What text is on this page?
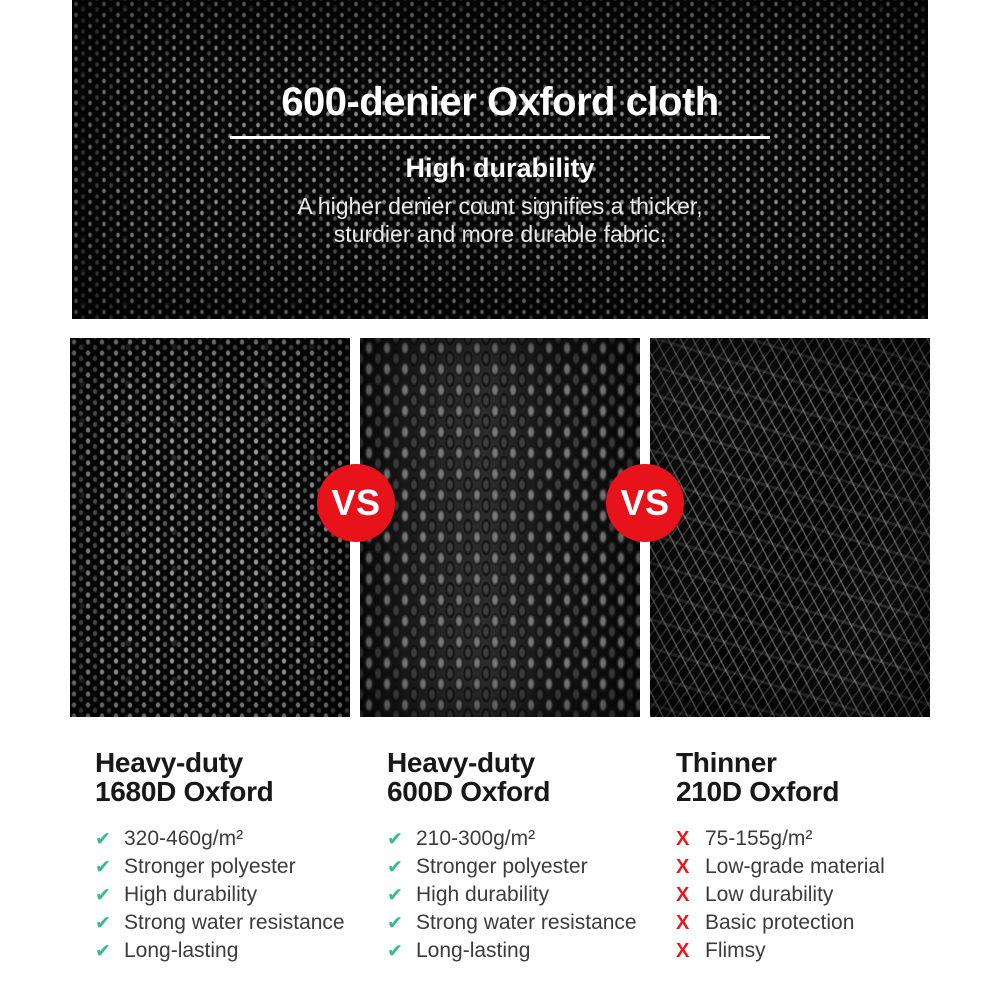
600-denier Oxford cloth
High durability

A higher denier count signifies a thicker,

sturdier and more durable fabric.

VS	VS
Heavy-duty
1680D Oxford
✔ 320-460g/m²
✔ Stronger polyester
✔ High durability
✔ Strong water resistance
✔ Long-lasting
Heavy-duty
600D Oxford
✔ 210-300g/m²
✔ Stronger polyester
✔ High durability
✔ Strong water resistance
✔ Long-lasting
Thinner
210D Oxford
X 75-155g/m²
X Low-grade material
X Low durability
X Basic protection
X Flimsy
